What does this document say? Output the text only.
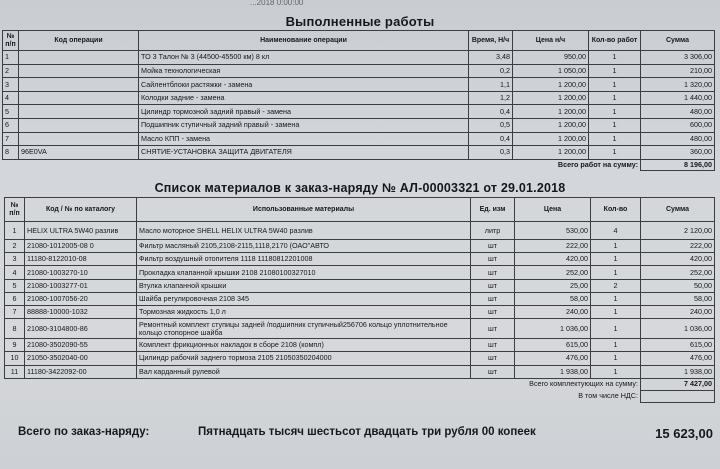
...2018 0:00:00
Выполненные работы
№ п/п	Код операции	Наименование операции	Время, Н/ч	Цена н/ч	Кол-во работ	Сумма
1		ТО 3 Талон № 3 (44500-45500 км) 8 кл	3,48	950,00	1	3 306,00
2		Мойка технологическая	0,2	1 050,00	1	210,00
3		Сайлентблоки растяжки - замена	1,1	1 200,00	1	1 320,00
4		Колодки задние - замена	1,2	1 200,00	1	1 440,00
5		Цилиндр тормозной задний правый - замена	0,4	1 200,00	1	480,00
6		Подшипник ступичный задний правый - замена	0,5	1 200,00	1	600,00
7		Масло КПП - замена	0,4	1 200,00	1	480,00
8	96E0VA	СНЯТИЕ-УСТАНОВКА ЗАЩИТА ДВИГАТЕЛЯ	0,3	1 200,00	1	360,00
				Всего работ на сумму:		8 196,00
Список материалов к заказ-наряду № АЛ-00003321 от 29.01.2018
№ п/п	Код / № по каталогу	Использованные материалы	Ед. изм	Цена	Кол-во	Сумма
1	HELIX ULTRA 5W40 разлив	Масло моторное SHELL HELIX ULTRA 5W40 разлив	литр	530,00	4	2 120,00
2	21080-1012005-08 0	Фильтр масляный 2105,2108-2115,1118,2170 (ОАО"АВТО	шт	222,00	1	222,00
3	11180-8122010-08	Фильтр воздушный отопителя 1118 11180812201008	шт	420,00	1	420,00
4	21080-1003270-10	Прокладка клапанной крышки 2108 21080100327010	шт	252,00	1	252,00
5	21080-1003277-01	Втулка клапанной крышки	шт	25,00	2	50,00
6	21080-1007056-20	Шайба регулировочная 2108 345	шт	58,00	1	58,00
7	88888-10000-1032	Тормозная жидкость 1,0 л	шт	240,00	1	240,00
8	21080-3104800-86	Ремонтный комплект ступицы задней /подшипник ступичный256706 кольцо уплотнительное кольцо стопорное шайба	шт	1 036,00	1	1 036,00
9	21080-3502090-55	Комплект фрикционных накладок в сборе 2108 (компл)	шт	615,00	1	615,00
10	21050-3502040-00	Цилиндр рабочий заднего тормоза 2105 21050350204000	шт	476,00	1	476,00
11	11180-3422092-00	Вал карданный рулевой	шт	1 938,00	1	1 938,00
			Всего комплектующих на сумму:			7 427,00
			В том числе НДС:			
Всего по заказ-наряду:	Пятнадцать тысяч шестьсот двадцать три рубля 00 копеек	15 623,00
